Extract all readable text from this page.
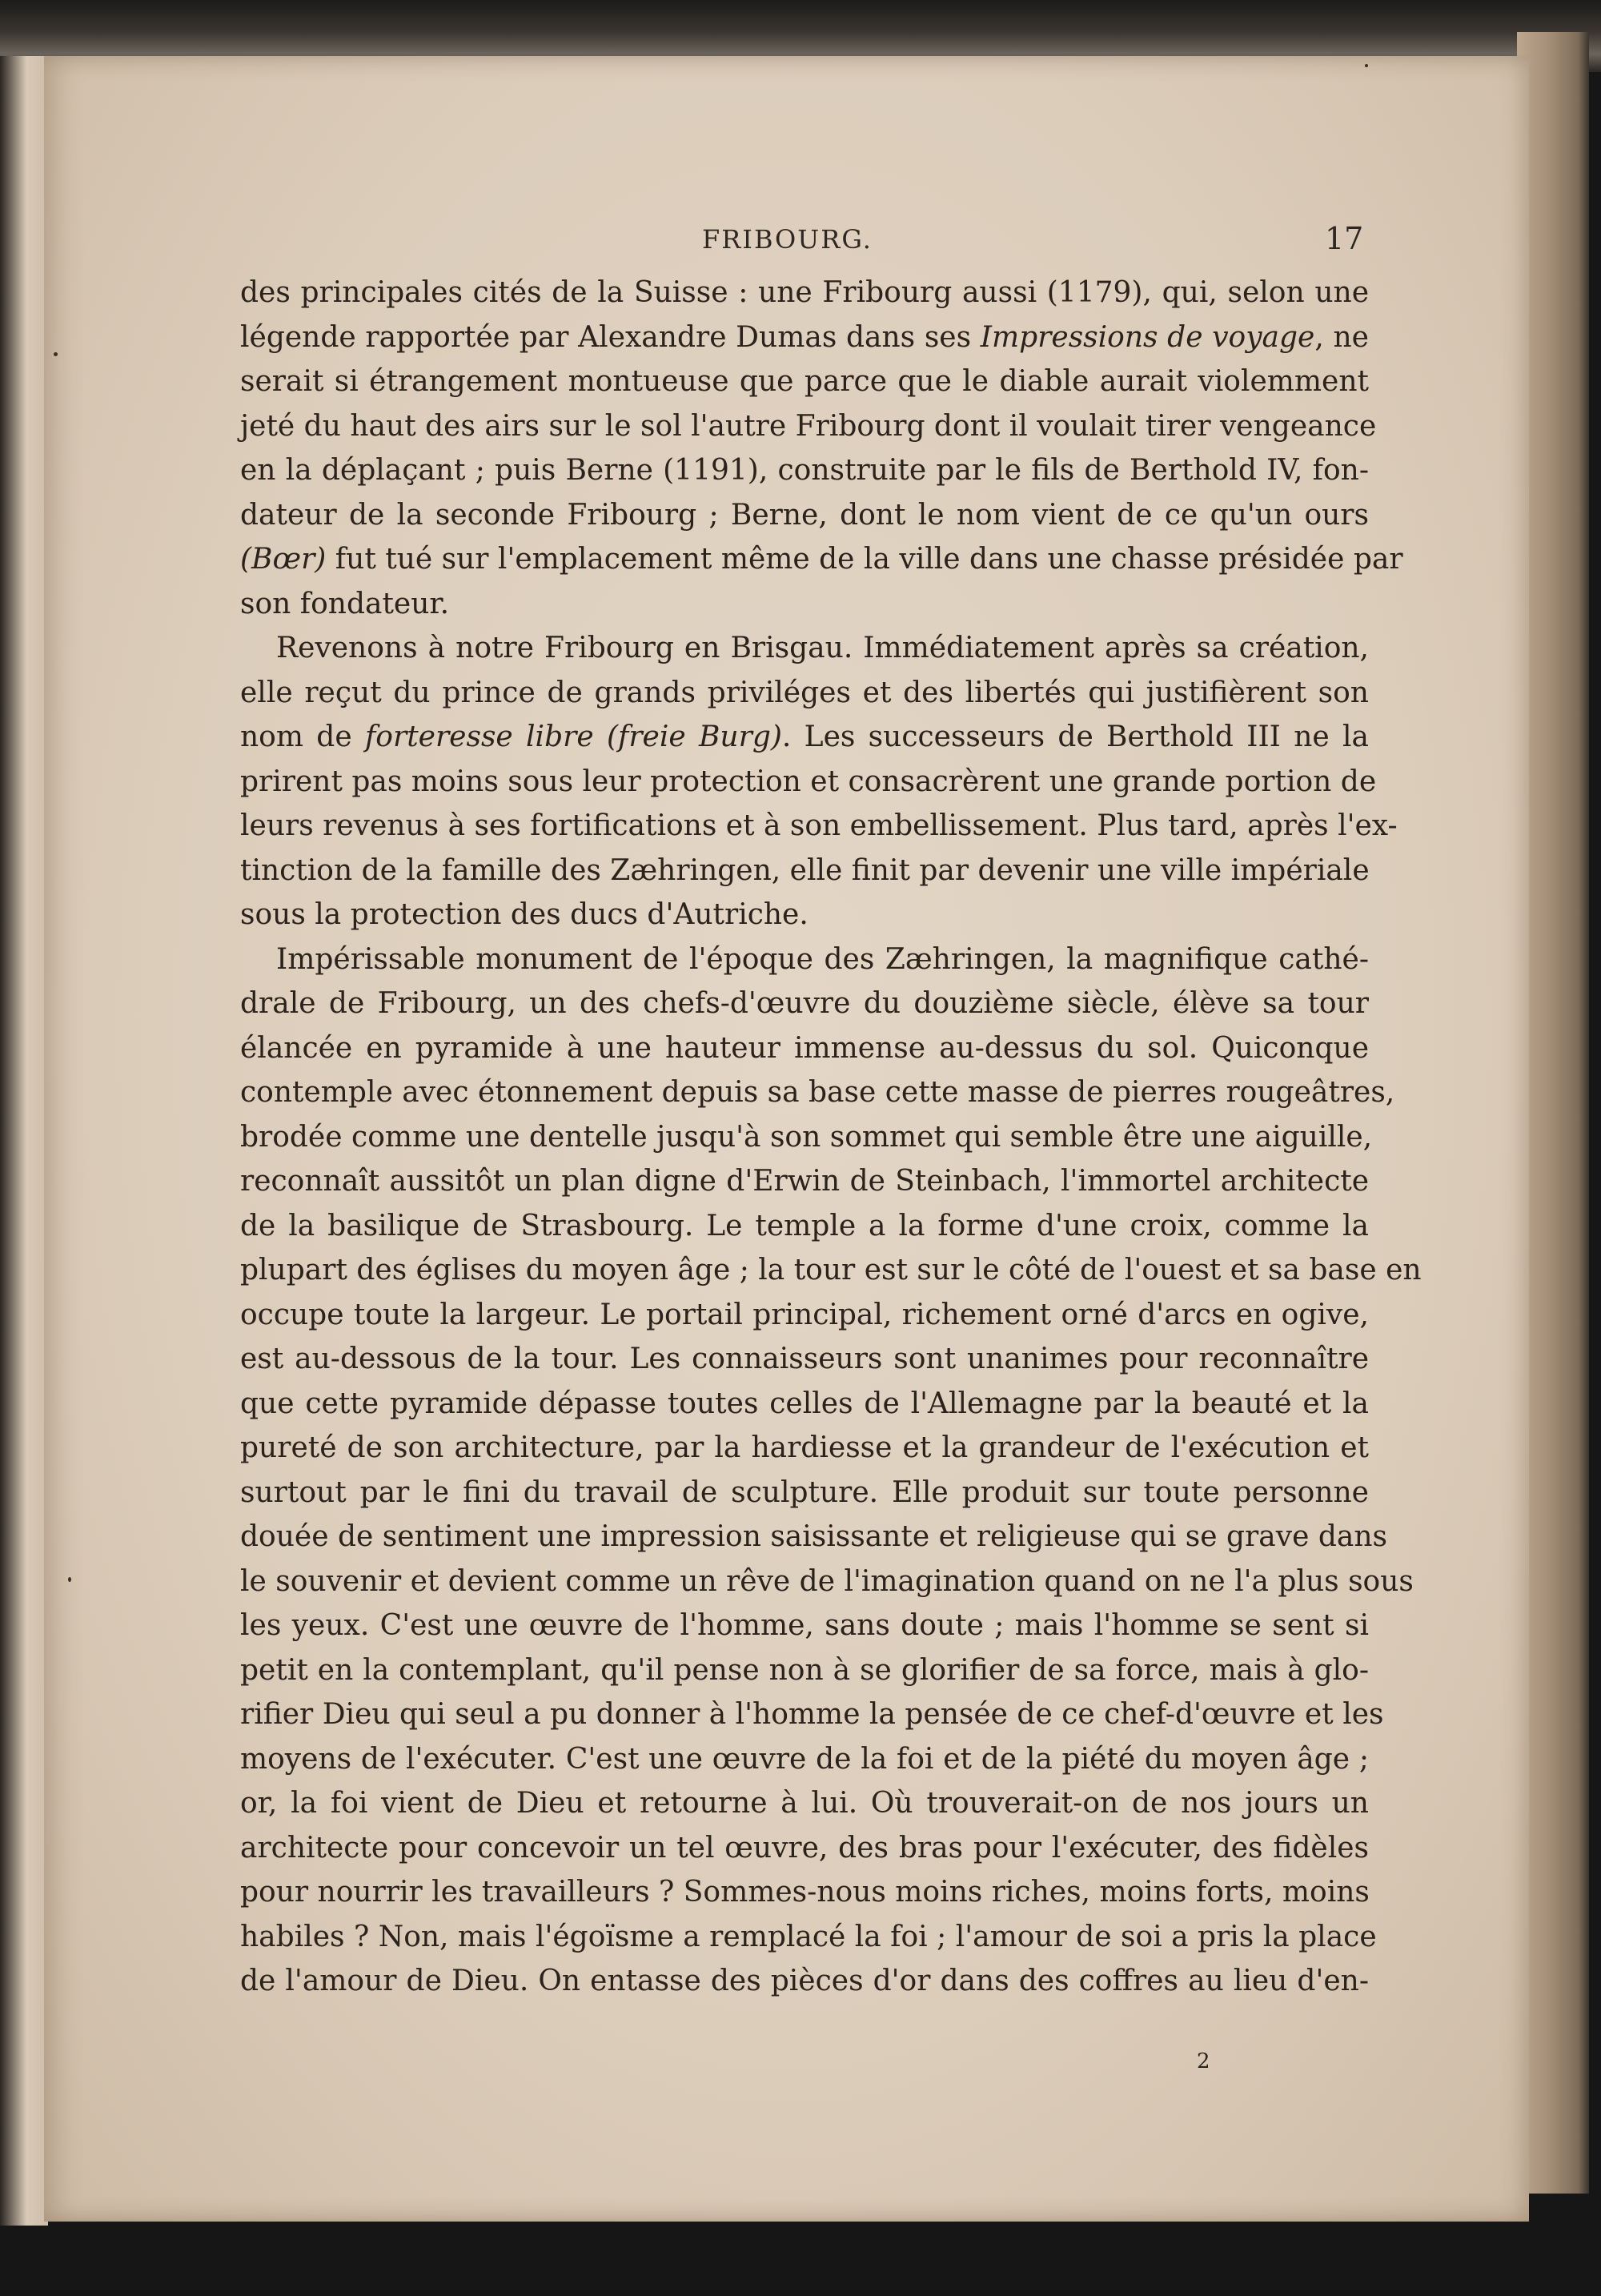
FRIBOURG.	17
des principales cités de la Suisse : une Fribourg aussi (1179), qui, selon une
légende rapportée par Alexandre Dumas dans ses Impressions de voyage, ne
serait si étrangement montueuse que parce que le diable aurait violemment
jeté du haut des airs sur le sol l'autre Fribourg dont il voulait tirer vengeance
en la déplaçant ; puis Berne (1191), construite par le fils de Berthold IV, fon-
dateur de la seconde Fribourg ; Berne, dont le nom vient de ce qu'un ours
(Bœr) fut tué sur l'emplacement même de la ville dans une chasse présidée par
son fondateur.
Revenons à notre Fribourg en Brisgau. Immédiatement après sa création,
elle reçut du prince de grands priviléges et des libertés qui justifièrent son
nom de forteresse libre (freie Burg). Les successeurs de Berthold III ne la
prirent pas moins sous leur protection et consacrèrent une grande portion de
leurs revenus à ses fortifications et à son embellissement. Plus tard, après l'ex-
tinction de la famille des Zæhringen, elle finit par devenir une ville impériale
sous la protection des ducs d'Autriche.
Impérissable monument de l'époque des Zæhringen, la magnifique cathé-
drale de Fribourg, un des chefs-d'œuvre du douzième siècle, élève sa tour
élancée en pyramide à une hauteur immense au-dessus du sol. Quiconque
contemple avec étonnement depuis sa base cette masse de pierres rougeâtres,
brodée comme une dentelle jusqu'à son sommet qui semble être une aiguille,
reconnaît aussitôt un plan digne d'Erwin de Steinbach, l'immortel architecte
de la basilique de Strasbourg. Le temple a la forme d'une croix, comme la
plupart des églises du moyen âge ; la tour est sur le côté de l'ouest et sa base en
occupe toute la largeur. Le portail principal, richement orné d'arcs en ogive,
est au-dessous de la tour. Les connaisseurs sont unanimes pour reconnaître
que cette pyramide dépasse toutes celles de l'Allemagne par la beauté et la
pureté de son architecture, par la hardiesse et la grandeur de l'exécution et
surtout par le fini du travail de sculpture. Elle produit sur toute personne
douée de sentiment une impression saisissante et religieuse qui se grave dans
le souvenir et devient comme un rêve de l'imagination quand on ne l'a plus sous
les yeux. C'est une œuvre de l'homme, sans doute ; mais l'homme se sent si
petit en la contemplant, qu'il pense non à se glorifier de sa force, mais à glo-
rifier Dieu qui seul a pu donner à l'homme la pensée de ce chef-d'œuvre et les
moyens de l'exécuter. C'est une œuvre de la foi et de la piété du moyen âge ;
or, la foi vient de Dieu et retourne à lui. Où trouverait-on de nos jours un
architecte pour concevoir un tel œuvre, des bras pour l'exécuter, des fidèles
pour nourrir les travailleurs ? Sommes-nous moins riches, moins forts, moins
habiles ? Non, mais l'égoïsme a remplacé la foi ; l'amour de soi a pris la place
de l'amour de Dieu. On entasse des pièces d'or dans des coffres au lieu d'en-
2
